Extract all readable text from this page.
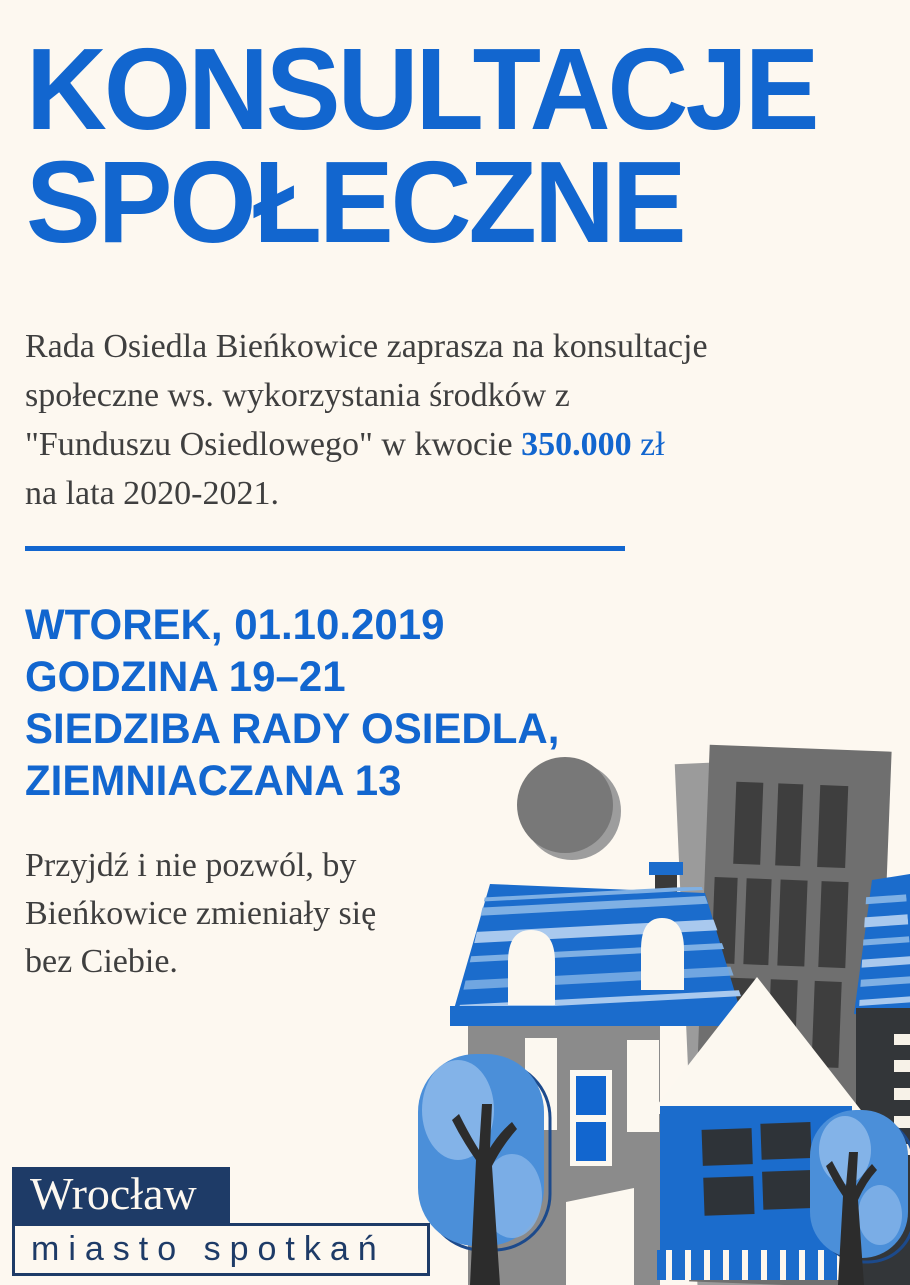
KONSULTACJE
SPOŁECZNE

Rada Osiedla Bieńkowice zaprasza na konsultacje
społeczne ws. wykorzystania środków z
"Funduszu Osiedlowego" w kwocie 350.000 zł
na lata 2020-2021.

WTOREK, 01.10.2019
GODZINA 19–21
SIEDZIBA RADY OSIEDLA,
ZIEMNIACZANA 13

Przyjdź i nie pozwól, by
Bieńkowice zmieniały się
bez Ciebie.

Wrocław
miasto spotkań
